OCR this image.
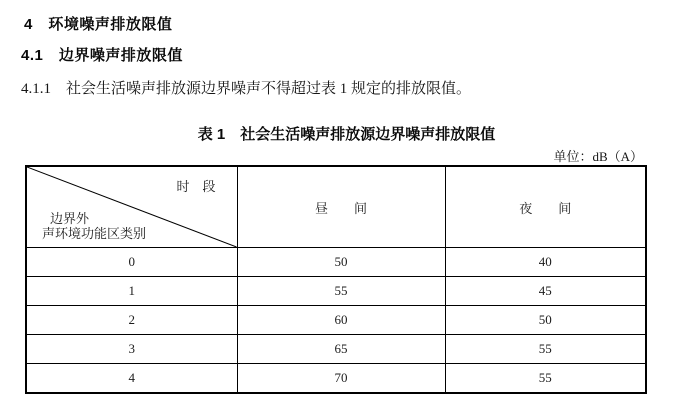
4　环境噪声排放限值
4.1　边界噪声排放限值
4.1.1　社会生活噪声排放源边界噪声不得超过表 1 规定的排放限值。
表 1　社会生活噪声排放源边界噪声排放限值
单位：dB（A）

时　段

边界外
声环境功能区类别	昼　　间	夜　　间
0	50	40
1	55	45
2	60	50
3	65	55
4	70	55
